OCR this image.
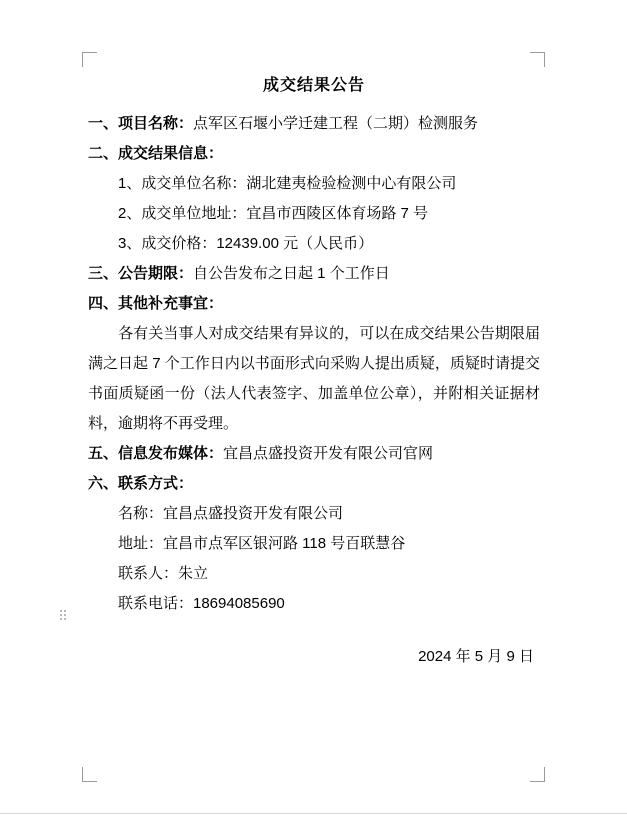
成交结果公告
一、项目名称：点军区石堰小学迁建工程（二期）检测服务
二、成交结果信息：
1、成交单位名称：湖北建夷检验检测中心有限公司
2、成交单位地址：宜昌市西陵区体育场路 7 号
3、成交价格：12439.00 元（人民币）
三、公告期限：自公告发布之日起 1 个工作日
四、其他补充事宜：
各有关当事人对成交结果有异议的，可以在成交结果公告期限届满之日起 7 个工作日内以书面形式向采购人提出质疑，质疑时请提交书面质疑函一份（法人代表签字、加盖单位公章），并附相关证据材料，逾期将不再受理。
五、信息发布媒体：宜昌点盛投资开发有限公司官网
六、联系方式：
名称：宜昌点盛投资开发有限公司
地址：宜昌市点军区银河路 118 号百联慧谷
联系人：朱立
联系电话：18694085690
2024 年 5 月 9 日
